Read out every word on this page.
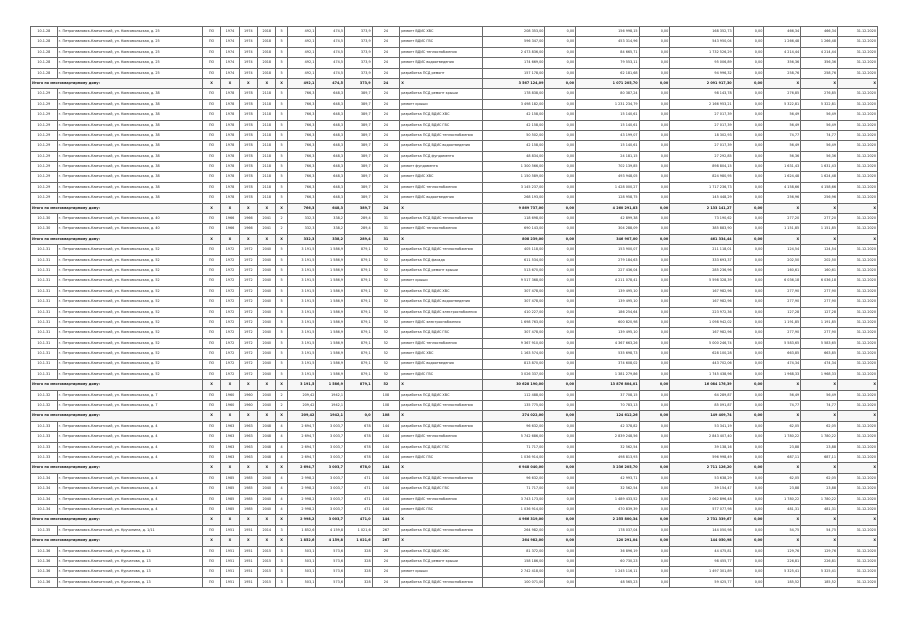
10.1.28	г. Петропавловск-Камчатский, ул. Комсомольская, д. 25	ПО	1974	1974	2018	5	492,1	474,5	373,9	24	ремонт ВДИС ХВС	208 353,00	0,00	156 998,15	0,00	168 352,73	0,00	466,34	466,34	31.12.2020
10.1.28	г. Петропавловск-Камчатский, ул. Комсомольская, д. 25	ПО	1974	1974	2018	5	492,1	474,5	373,9	24	ремонт ВДИС ГВС	596 347,00	0,00	453 314,96	0,00	543 950,04	0,00	1 266,48	1 266,48	31.12.2020
10.1.28	г. Петропавловск-Камчатский, ул. Комсомольская, д. 25	ПО	1974	1974	2018	5	492,1	474,5	373,9	24	ремонт ВДИС теплоснабжения	2 473 836,00	0,00	84 665,71	0,00	1 732 526,29	0,00	4 214,44	4 214,44	31.12.2020
10.1.28	г. Петропавловск-Камчатский, ул. Комсомольская, д. 25	ПО	1974	1974	2018	5	492,1	474,5	373,9	24	ремонт ВДИС водоотведения	174 669,00	0,00	79 553,11	0,00	95 006,89	0,00	356,36	356,36	31.12.2020
10.1.28	г. Петропавловск-Камчатский, ул. Комсомольская, д. 25	ПО	1974	1974	2018	5	492,1	474,5	373,9	24	разработка ПСД ремонт	157 178,00	0,00	62 181,68	0,00	94 996,32	0,00	258,76	258,76	31.12.2020
Итого по многоквартирному дому:		X	X	X	X	X	492,1	474,5	373,9	24	X	3 567 124,09	0,00	1 071 205,70	0,00	2 091 917,30	0,00	X	X	X
10.1.29	г. Петропавловск-Камчатский, ул. Комсомольская, д. 38	ПО	1978	1978	2118	5	766,3	648,3	389,7	24	разработка ПСД ремонт крыши	178 838,00	0,00	80 387,24	0,00	98 143,78	0,00	276,85	276,85	31.12.2020
10.1.29	г. Петропавловск-Камчатский, ул. Комсомольская, д. 38	ПО	1978	1978	2118	5	766,3	648,3	389,7	24	ремонт крыши	3 498 182,00	0,00	1 231 234,79	0,00	2 166 953,21	0,00	5 322,81	5 322,81	31.12.2020
10.1.29	г. Петропавловск-Камчатский, ул. Комсомольская, д. 38	ПО	1978	1978	2118	5	766,3	648,3	389,7	24	разработка ПСД ВДИС ХВС	42 158,00	0,00	15 140,61	0,00	27 017,39	0,00	56,49	56,49	31.12.2020
10.1.29	г. Петропавловск-Камчатский, ул. Комсомольская, д. 38	ПО	1978	1978	2118	5	766,3	648,3	389,7	24	разработка ПСД ВДИС ГВС	42 158,00	0,00	15 140,61	0,00	27 017,39	0,00	56,49	56,49	31.12.2020
10.1.29	г. Петропавловск-Камчатский, ул. Комсомольская, д. 38	ПО	1978	1978	2118	5	766,3	648,3	389,7	24	разработка ПСД ВДИС теплоснабжения	50 502,00	0,00	43 199,07	0,00	18 302,93	0,00	74,77	74,77	31.12.2020
10.1.29	г. Петропавловск-Камчатский, ул. Комсомольская, д. 38	ПО	1978	1978	2118	5	766,3	648,3	389,7	24	разработка ПСД ВДИС водоотведения	42 158,00	0,00	15 140,61	0,00	27 017,39	0,00	56,49	56,49	31.12.2020
10.1.29	г. Петропавловск-Камчатский, ул. Комсомольская, д. 38	ПО	1978	1978	2118	5	766,3	648,3	389,7	24	разработка ПСД фундамента	48 834,00	0,00	24 181,15	0,00	27 292,85	0,00	56,36	56,36	31.12.2020
10.1.29	г. Петропавловск-Камчатский, ул. Комсомольская, д. 38	ПО	1978	1978	2118	5	766,3	648,3	389,7	24	ремонт фундамента	1 300 566,00	0,00	702 139,85	0,00	898 804,15	0,00	1 631,43	1 631,43	31.12.2020
10.1.29	г. Петропавловск-Камчатский, ул. Комсомольская, д. 38	ПО	1978	1978	2118	5	766,3	648,3	389,7	24	ремонт ВДИС ХВС	1 150 589,00	0,00	493 948,05	0,00	824 980,95	0,00	1 624,48	1 624,48	31.12.2020
10.1.29	г. Петропавловск-Камчатский, ул. Комсомольская, д. 38	ПО	1978	1978	2118	5	766,3	648,3	389,7	24	ремонт ВДИС теплоснабжения	3 145 237,00	0,00	1 428 000,27	0,00	1 717 236,73	0,00	4 158,66	4 158,66	31.12.2020
10.1.29	г. Петропавловск-Камчатский, ул. Комсомольская, д. 38	ПО	1978	1978	2118	5	766,3	648,3	389,7	24	ремонт ВДИС водоотведения	268 193,00	0,00	128 958,75	0,00	145 448,29	0,00	256,96	256,96	31.12.2020
Итого по многоквартирному дому:		X	X	X	X	X	766,3	648,3	389,7	24	X	9 869 737,00	0,00	4 260 291,83	0,00	2 133 141,27	0,00	X	X	X
10.1.30	г. Петропавловск-Камчатский, ул. Комсомольская, д. 40	ПО	1966	1966	2041	2	332,3	338,2	289,4	31	разработка ПСД ВДИС теплоснабжения	118 698,00	0,00	42 899,38	0,00	73 190,62	0,00	277,20	277,20	31.12.2020
10.1.30	г. Петропавловск-Камчатский, ул. Комсомольская, д. 40	ПО	1966	1966	2041	2	332,3	338,2	289,4	31	ремонт ВДИС теплоснабжения	690 143,00	0,00	304 288,09	0,00	385 883,90	0,00	1 151,85	1 151,85	31.12.2020
Итого по многоквартирному дому:		X	X	X	X	X	332,3	338,2	289,4	31	X	808 239,00	0,00	346 907,00	0,00	461 334,44	0,00	X	X	X
10.1.31	г. Петропавловск-Камчатский, ул. Комсомольская, д. 52	ПО	1972	1972	2040	5	3 191,5	1 586,9	879,1	52	разработка ПСД ВДИС теплоснабжения	405 118,00	0,00	153 900,07	0,00	211 118,01	0,00	124,54	124,54	31.12.2020
10.1.31	г. Петропавловск-Камчатский, ул. Комсомольская, д. 52	ПО	1972	1972	2040	5	3 191,5	1 586,9	879,1	52	разработка ПСД фасада	611 534,00	0,00	279 184,63	0,00	333 693,37	0,00	202,50	202,50	31.12.2020
10.1.31	г. Петропавловск-Камчатский, ул. Комсомольская, д. 52	ПО	1972	1972	2040	5	3 191,5	1 586,9	879,1	52	разработка ПСД ремонт крыши	513 670,00	0,00	227 436,04	0,00	285 236,96	0,00	160,61	160,61	31.12.2020
10.1.31	г. Петропавловск-Камчатский, ул. Комсомольская, д. 52	ПО	1972	1972	2040	5	3 191,5	1 586,9	879,1	52	ремонт крыши	9 517 368,00	0,00	4 211 078,41	0,00	5 598 328,39	0,00	6 036,18	6 036,18	31.12.2020
10.1.31	г. Петропавловск-Камчатский, ул. Комсомольская, д. 52	ПО	1972	1972	2040	5	3 191,5	1 586,9	879,1	52	разработка ПСД ВДИС ХВС	307 478,00	0,00	139 495,10	0,00	167 982,96	0,00	277,90	277,90	31.12.2020
10.1.31	г. Петропавловск-Камчатский, ул. Комсомольская, д. 52	ПО	1972	1972	2040	5	3 191,5	1 586,9	879,1	52	разработка ПСД ВДИС водоотведения	307 478,00	0,00	139 495,10	0,00	167 982,96	0,00	277,90	277,90	31.12.2020
10.1.31	г. Петропавловск-Камчатский, ул. Комсомольская, д. 52	ПО	1972	1972	2040	5	3 191,5	1 586,9	879,1	52	разработка ПСД ВДИС электроснабжения	410 227,00	0,00	186 254,64	0,00	223 972,36	0,00	127,28	127,28	31.12.2020
10.1.31	г. Петропавловск-Камчатский, ул. Комсомольская, д. 52	ПО	1972	1972	2040	5	3 191,5	1 586,9	879,1	52	ремонт ВДИС электроснабжения	1 698 763,00	0,00	600 820,98	0,00	1 098 942,02	0,00	1 191,85	1 191,85	31.12.2020
10.1.31	г. Петропавловск-Камчатский, ул. Комсомольская, д. 52	ПО	1972	1972	2040	5	3 191,5	1 586,9	879,1	52	разработка ПСД ВДИС ГВС	307 478,00	0,00	139 495,10	0,00	167 982,96	0,00	277,90	277,90	31.12.2020
10.1.31	г. Петропавловск-Камчатский, ул. Комсомольская, д. 52	ПО	1972	1972	2040	5	3 191,5	1 586,9	879,1	52	ремонт ВДИС теплоснабжения	9 367 910,00	0,00	4 367 663,26	0,00	5 000 246,74	0,00	5 583,65	5 583,65	31.12.2020
10.1.31	г. Петропавловск-Камчатский, ул. Комсомольская, д. 52	ПО	1972	1972	2040	5	3 191,5	1 586,9	879,1	52	ремонт ВДИС ХВС	1 163 574,00	0,00	535 698,73	0,00	628 100,28	0,00	663,85	663,85	31.12.2020
10.1.31	г. Петропавловск-Камчатский, ул. Комсомольская, д. 52	ПО	1972	1972	2040	5	3 191,5	1 586,9	879,1	52	ремонт ВДИС водоотведения	813 870,00	0,00	374 608,02	0,00	443 702,06	0,00	474,34	474,34	31.12.2020
10.1.31	г. Петропавловск-Камчатский, ул. Комсомольская, д. 52	ПО	1972	1972	2040	5	3 191,5	1 586,9	879,1	52	ремонт ВДИС ГВС	3 026 337,00	0,00	1 381 279,86	0,00	1 745 438,96	0,00	1 968,33	1 968,33	31.12.2020
Итого по многоквартирному дому:		X	X	X	X	X	3 191,5	1 586,9	879,1	52	X	30 628 190,00	0,00	13 876 804,01	0,00	16 084 176,39	0,00	X	X	X
10.1.32	г. Петропавловск-Камчатский, ул. Комсомольская, д. 7	ПО	1960	1960	2040	2	209,42	1942,1		108	разработка ПСД ВДИС ХВС	112 488,00	0,00	37 708,15	0,00	64 289,87	0,00	56,49	56,49	31.12.2020
10.1.32	г. Петропавловск-Камчатский, ул. Комсомольская, д. 7	ПО	1960	1960	2040	2	209,42	1942,1		108	разработка ПСД ВДИС теплоснабжения	135 775,00	0,00	70 783,13	0,00	85 091,87	0,00	74,77	74,77	31.12.2020
Итого по многоквартирному дому:		X	X	X	X	X	209,42	1942,1	0,0	108	X	274 022,00	0,00	124 612,26	0,00	149 409,74	0,00	X	X	X
10.1.33	г. Петропавловск-Камчатский, ул. Комсомольская, д. 4	ПО	1963	1963	2048	4	2 694,7	3 003,7	678	144	разработка ПСД ВДИС теплоснабжения	96 632,00	0,00	42 378,82	0,00	53 341,19	0,00	62,05	62,05	31.12.2020
10.1.33	г. Петропавловск-Камчатский, ул. Комсомольская, д. 4	ПО	1963	1963	2048	4	2 694,7	3 003,7	678	144	ремонт ВДИС теплоснабжения	5 742 686,00	0,00	2 839 248,56	0,00	2 843 407,40	0,00	1 780,22	1 780,22	31.12.2020
10.1.33	г. Петропавловск-Камчатский, ул. Комсомольская, д. 4	ПО	1963	1963	2048	4	2 694,7	3 003,7	678	144	разработка ПСД ВДИС ГВС	71 717,00	0,00	32 562,54	0,00	39 138,16	0,00	23,88	23,88	31.12.2020
10.1.33	г. Петропавловск-Камчатский, ул. Комсомольская, д. 4	ПО	1963	1963	2048	4	2 694,7	3 003,7	678	144	ремонт ВДИС ГВС	1 036 914,00	0,00	498 813,93	0,00	596 998,49	0,00	687,11	687,11	31.12.2020
Итого по многоквартирному дому:		X	X	X	X	X	2 694,7	3 003,7	678,0	144	X	6 948 040,00	0,00	3 236 205,70	0,00	2 711 126,20	0,00	X	X	X
10.1.34	г. Петропавловск-Камчатский, ул. Комсомольская, д. 4	ПО	1985	1985	2040	4	2 998,2	3 003,7	471	144	разработка ПСД ВДИС теплоснабжения	96 632,00	0,00	42 993,71	0,00	53 638,29	0,00	62,05	62,05	31.12.2020
10.1.34	г. Петропавловск-Камчатский, ул. Комсомольская, д. 4	ПО	1985	1985	2040	4	2 998,2	3 003,7	471	144	разработка ПСД ВДИС ГВС	71 717,00	0,00	32 562,54	0,00	39 154,47	0,00	23,88	23,88	31.12.2020
10.1.34	г. Петропавловск-Камчатский, ул. Комсомольская, д. 4	ПО	1985	1985	2040	4	2 998,2	3 003,7	471	144	ремонт ВДИС теплоснабжения	3 743 173,00	0,00	1 489 433,52	0,00	2 062 896,48	0,00	1 780,22	1 780,22	31.12.2020
10.1.34	г. Петропавловск-Камчатский, ул. Комсомольская, д. 4	ПО	1985	1985	2040	4	2 998,2	3 003,7	471	144	ремонт ВДИС ГВС	1 036 914,00	0,00	470 839,39	0,00	577 077,98	0,00	481,31	481,31	31.12.2020
Итого по многоквартирному дому:		X	X	X	X	X	2 998,2	3 003,7	471,0	144	X	4 966 319,00	0,00	2 255 800,34	0,00	2 731 339,67	0,00	X	X	X
10.1.35	г. Петропавловск-Камчатский, ул. Кручинина, д. 1/11	ПО	1951	1951	2014	3	1 852,6	4 159,8	1 021,6	267	разработка ПСД ВДИС теплоснабжения	264 982,00	0,00	178 037,04	0,00	144 050,98	0,00	54,75	54,75	31.12.2020
Итого по многоквартирному дому:		X	X	X	X	X	1 852,6	4 159,8	1 021,6	267	X	264 982,00	0,00	120 291,04	0,00	144 050,98	0,00	X	X	X
10.1.36	г. Петропавловск-Камчатский, ул. Курчатова, д. 13	ПО	1951	1951	2015	3	503,1	573,6	328	24	разработка ПСД ВДИС ХВС	81 372,00	0,00	36 896,19	0,00	44 475,81	0,00	129,76	129,76	31.12.2020
10.1.36	г. Петропавловск-Камчатский, ул. Курчатова, д. 13	ПО	1951	1951	2015	3	503,1	573,6	328	24	разработка ПСД ремонт крыши	158 186,00	0,00	60 730,23	0,00	98 455,77	0,00	226,81	226,81	31.12.2020
10.1.36	г. Петропавловск-Камчатский, ул. Курчатова, д. 13	ПО	1951	1951	2015	3	503,1	573,6	328	24	ремонт крыши	2 742 418,00	0,00	1 245 116,11	0,00	1 497 301,89	0,00	5 325,41	5 325,41	31.12.2020
10.1.36	г. Петропавловск-Камчатский, ул. Курчатова, д. 13	ПО	1951	1951	2015	3	503,1	573,6	328	24	разработка ПСД ВДИС теплоснабжения	100 071,00	0,00	48 565,23	0,00	59 425,77	0,00	185,52	185,52	31.12.2020
